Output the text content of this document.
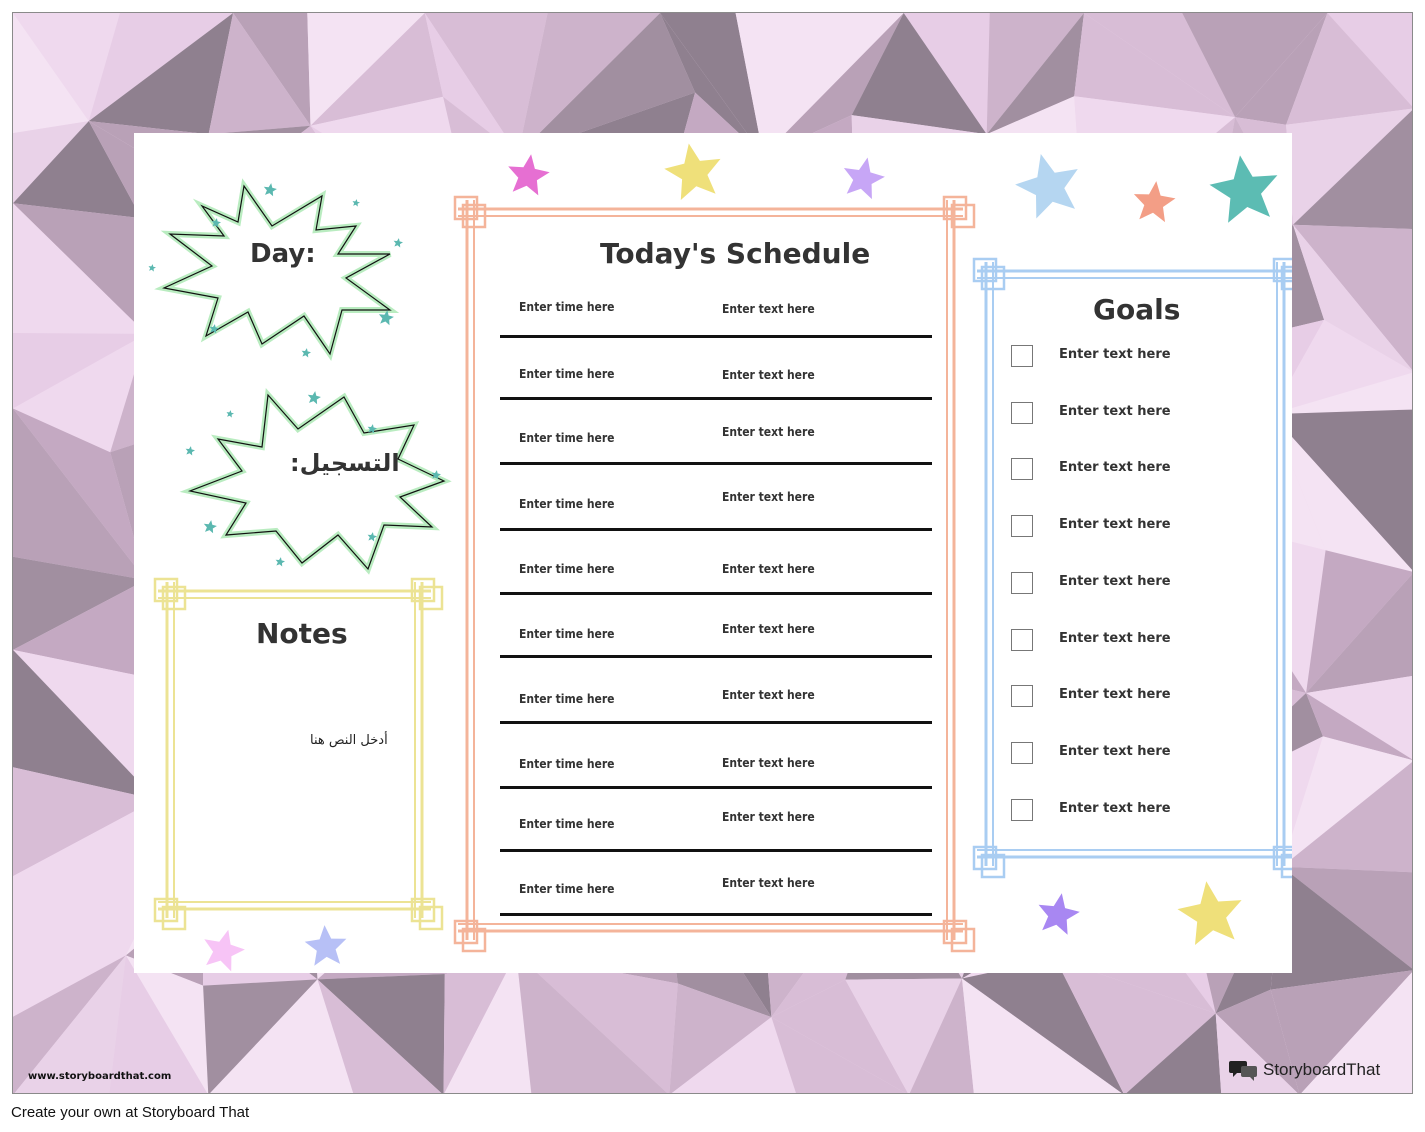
Day:
التسجيل:
Notes
أدخل النص هنا
Today's Schedule
Enter time here	Enter text here
Enter time here	Enter text here
Enter time here	Enter text here
Enter time here	Enter text here
Enter time here	Enter text here
Enter time here	Enter text here
Enter time here	Enter text here
Enter time here	Enter text here
Enter time here	Enter text here
Enter time here	Enter text here
Goals
Enter text here
Enter text here
Enter text here
Enter text here
Enter text here
Enter text here
Enter text here
Enter text here
Enter text here
www.storyboardthat.com	StoryboardThat
Create your own at Storyboard That
